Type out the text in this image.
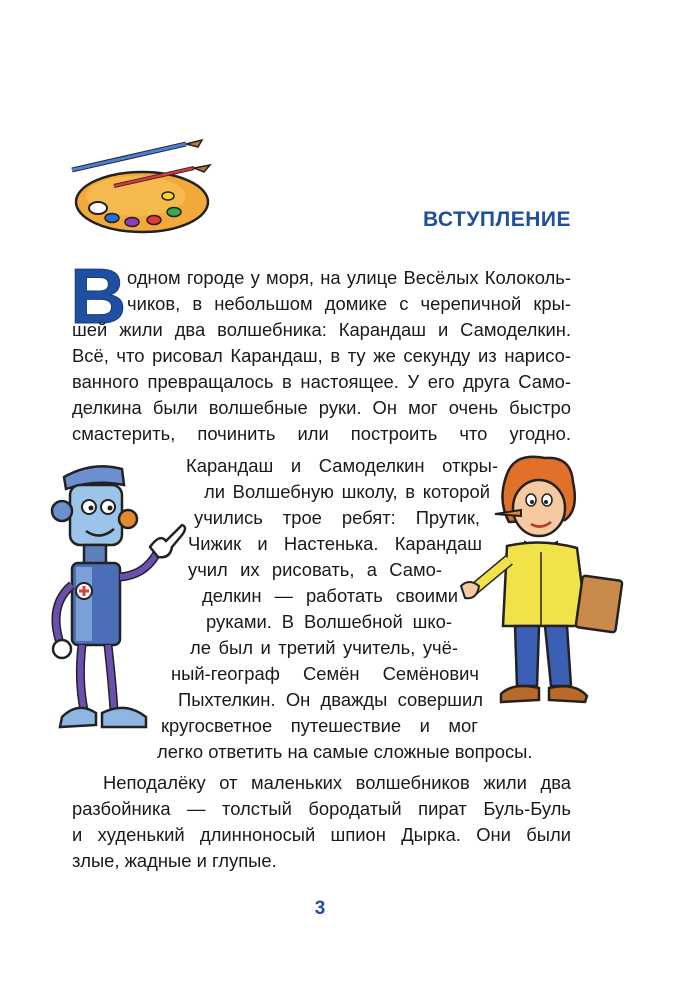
ВСТУПЛЕНИЕ
В одном городе у моря, на улице Весёлых Колоколь-
чиков, в небольшом домике с черепичной кры-
шей жили два волшебника: Карандаш и Самоделкин.
Всё, что рисовал Карандаш, в ту же секунду из нарисо-
ванного превращалось в настоящее. У его друга Само-
делкина были волшебные руки. Он мог очень быстро
смастерить, починить или построить что угодно.
Карандаш и Самоделкин откры-
ли Волшебную школу, в которой
учились трое ребят: Прутик,
Чижик и Настенька. Карандаш
учил их рисовать, а Само-
делкин — работать своими
руками. В Волшебной шко-
ле был и третий учитель, учё-
ный-географ Семён Семёнович
Пыхтелкин. Он дважды совершил
кругосветное путешествие и мог
легко ответить на самые сложные вопросы.
Неподалёку от маленьких волшебников жили два
разбойника — толстый бородатый пират Буль-Буль
и худенький длинноносый шпион Дырка. Они были
злые, жадные и глупые.
3
